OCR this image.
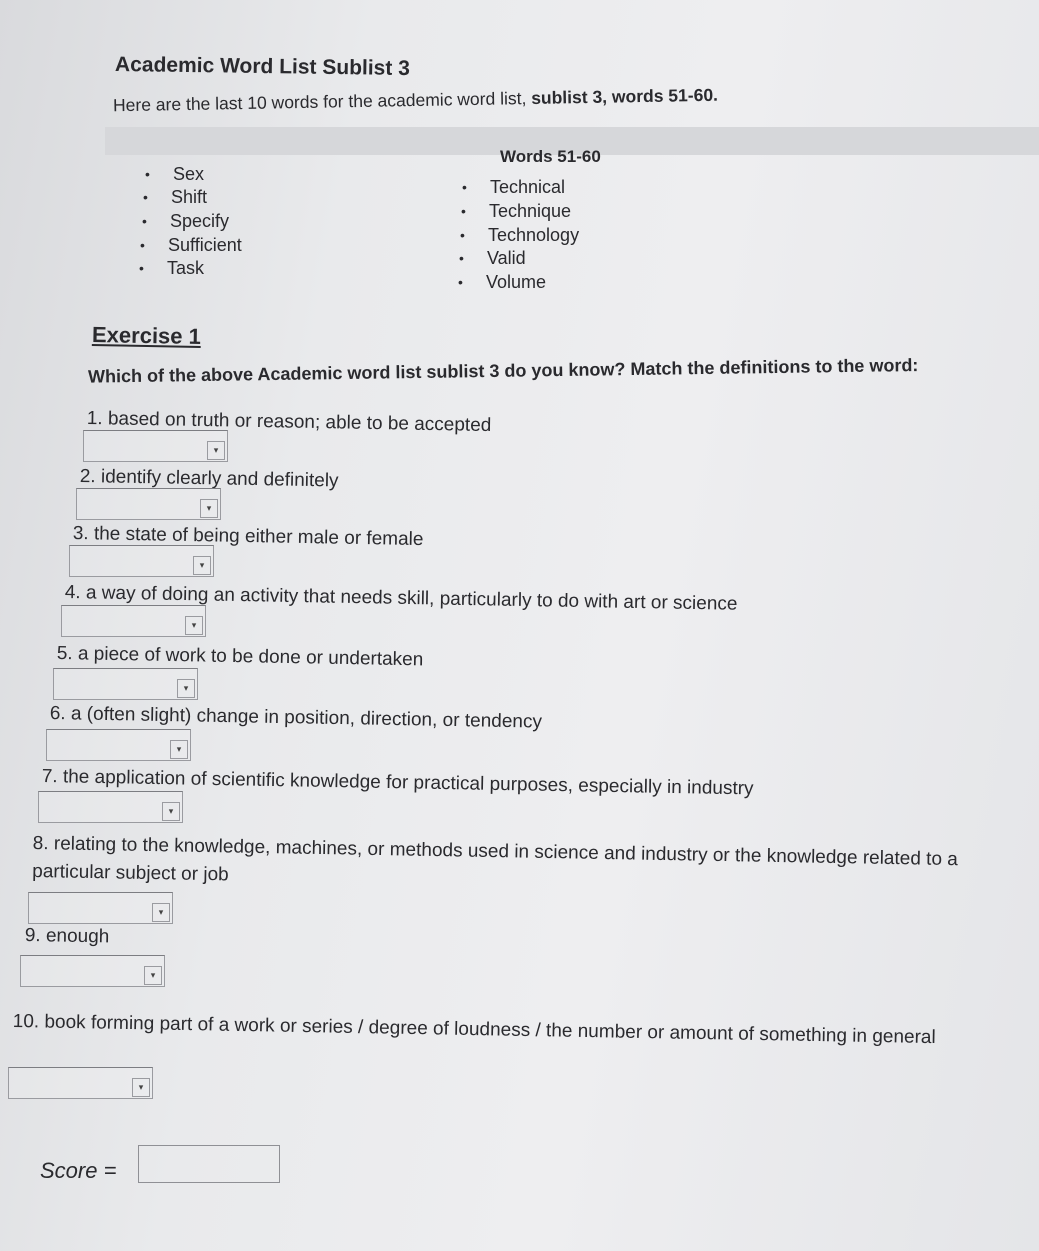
Academic Word List Sublist 3
Here are the last 10 words for the academic word list, sublist 3, words 51-60.
Words 51-60
• Sex
• Shift
• Specify
• Sufficient
• Task
• Technical
• Technique
• Technology
• Valid
• Volume
Exercise 1
Which of the above Academic word list sublist 3 do you know? Match the definitions to the word:
1. based on truth or reason; able to be accepted
▾
2. identify clearly and definitely
▾
3. the state of being either male or female
▾
4. a way of doing an activity that needs skill, particularly to do with art or science
▾
5. a piece of work to be done or undertaken
▾
6. a (often slight) change in position, direction, or tendency
▾
7. the application of scientific knowledge for practical purposes, especially in industry
▾
8. relating to the knowledge, machines, or methods used in science and industry or the knowledge related to a particular subject or job
▾
9. enough
▾
10. book forming part of a work or series / degree of loudness / the number or amount of something in general
▾
Score =
